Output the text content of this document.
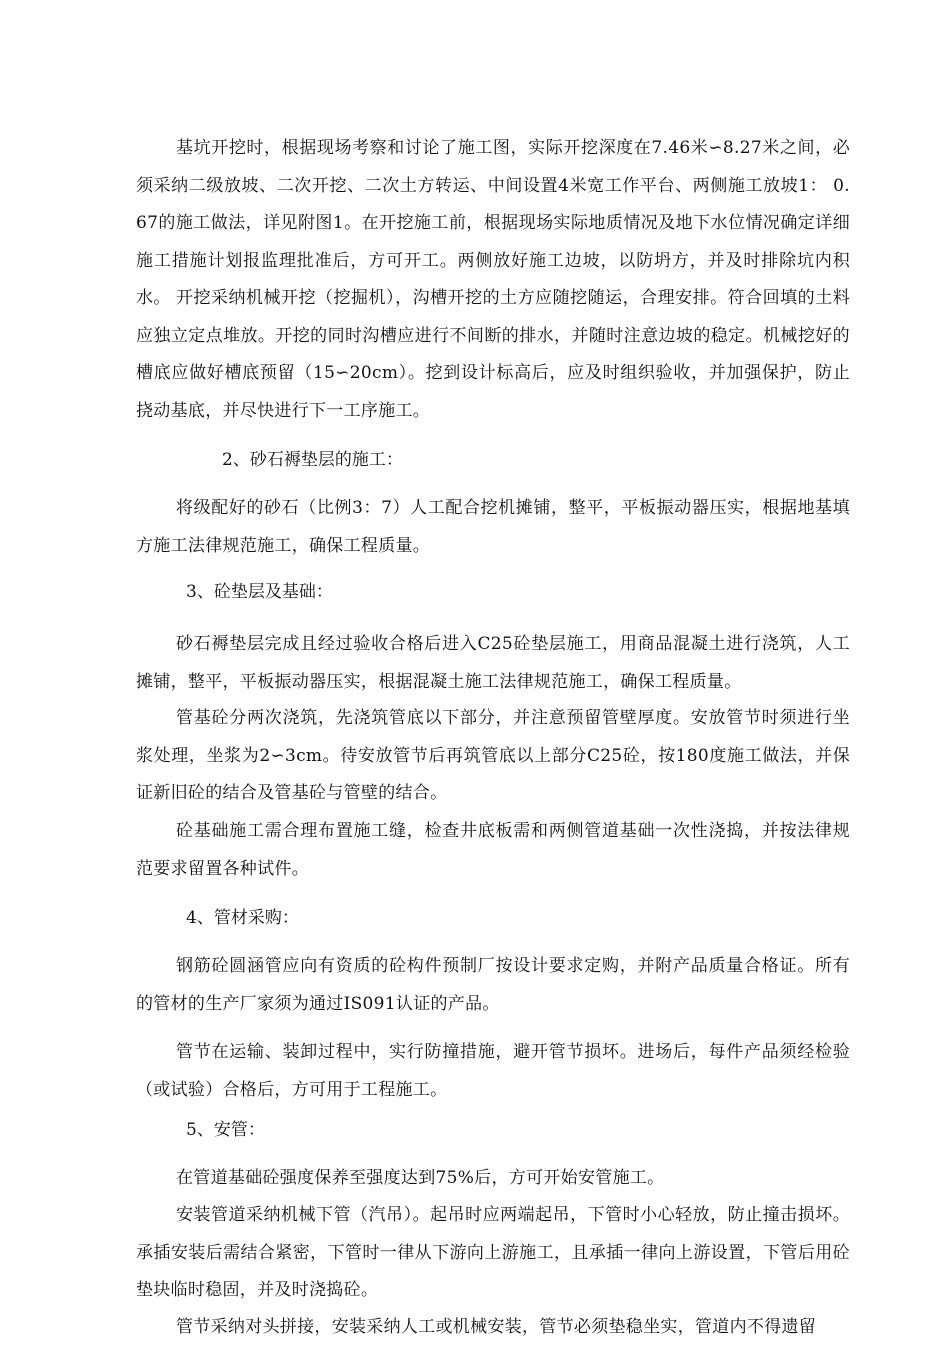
基坑开挖时，根据现场考察和讨论了施工图，实际开挖深度在7.46米∽8.27米之间，必须采纳二级放坡、二次开挖、二次土方转运、中间设置4米宽工作平台、两侧施工放坡1： 0. 67的施工做法，详见附图1。在开挖施工前，根据现场实际地质情况及地下水位情况确定详细施工措施计划报监理批准后，方可开工。两侧放好施工边坡，以防坍方，并及时排除坑内积水。 开挖采纳机械开挖（挖掘机），沟槽开挖的土方应随挖随运，合理安排。符合回填的土料应独立定点堆放。开挖的同时沟槽应进行不间断的排水，并随时注意边坡的稳定。机械挖好的槽底应做好槽底预留（15∽20cm）。挖到设计标高后，应及时组织验收，并加强保护，防止挠动基底，并尽快进行下一工序施工。

2、砂石褥垫层的施工：

将级配好的砂石（比例3：7）人工配合挖机摊铺，整平，平板振动器压实，根据地基填方施工法律规范施工，确保工程质量。

3、砼垫层及基础：

砂石褥垫层完成且经过验收合格后进入C25砼垫层施工，用商品混凝土进行浇筑，人工摊铺，整平，平板振动器压实，根据混凝土施工法律规范施工，确保工程质量。

管基砼分两次浇筑，先浇筑管底以下部分，并注意预留管壁厚度。安放管节时须进行坐浆处理，坐浆为2∽3cm。待安放管节后再筑管底以上部分C25砼，按180度施工做法，并保证新旧砼的结合及管基砼与管壁的结合。

砼基础施工需合理布置施工缝，检查井底板需和两侧管道基础一次性浇捣，并按法律规范要求留置各种试件。

4、管材采购：

钢筋砼圆涵管应向有资质的砼构件预制厂按设计要求定购，并附产品质量合格证。所有的管材的生产厂家须为通过IS091认证的产品。

管节在运输、装卸过程中，实行防撞措施，避开管节损坏。进场后，每件产品须经检验（或试验）合格后，方可用于工程施工。

5、安管：

在管道基础砼强度保养至强度达到75%后，方可开始安管施工。

安装管道采纳机械下管（汽吊）。起吊时应两端起吊，下管时小心轻放，防止撞击损坏。承插安装后需结合紧密，下管时一律从下游向上游施工，且承插一律向上游设置，下管后用砼垫块临时稳固，并及时浇捣砼。

管节采纳对头拼接，安装采纳人工或机械安装，管节必须垫稳坐实，管道内不得遗留
